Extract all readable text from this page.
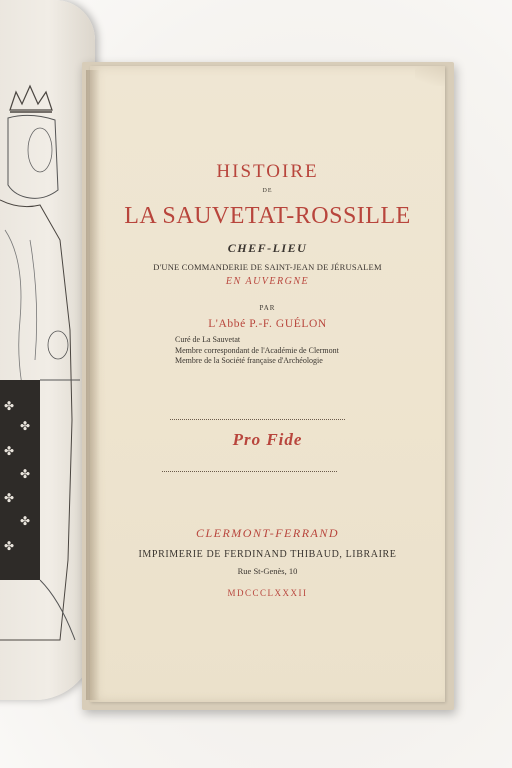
✤
✤
✤
✤
✤
✤
✤
HISTOIRE
DE
LA SAUVETAT-ROSSILLE
CHEF-LIEU
D'UNE COMMANDERIE DE SAINT-JEAN DE JÉRUSALEM
EN AUVERGNE
PAR
L'Abbé P.-F. GUÉLON
Curé de La Sauvetat
Membre correspondant de l'Académie de Clermont
Membre de la Société française d'Archéologie
Pro Fide
CLERMONT-FERRAND
IMPRIMERIE DE FERDINAND THIBAUD, LIBRAIRE
Rue St-Genès, 10
MDCCCLXXXII
